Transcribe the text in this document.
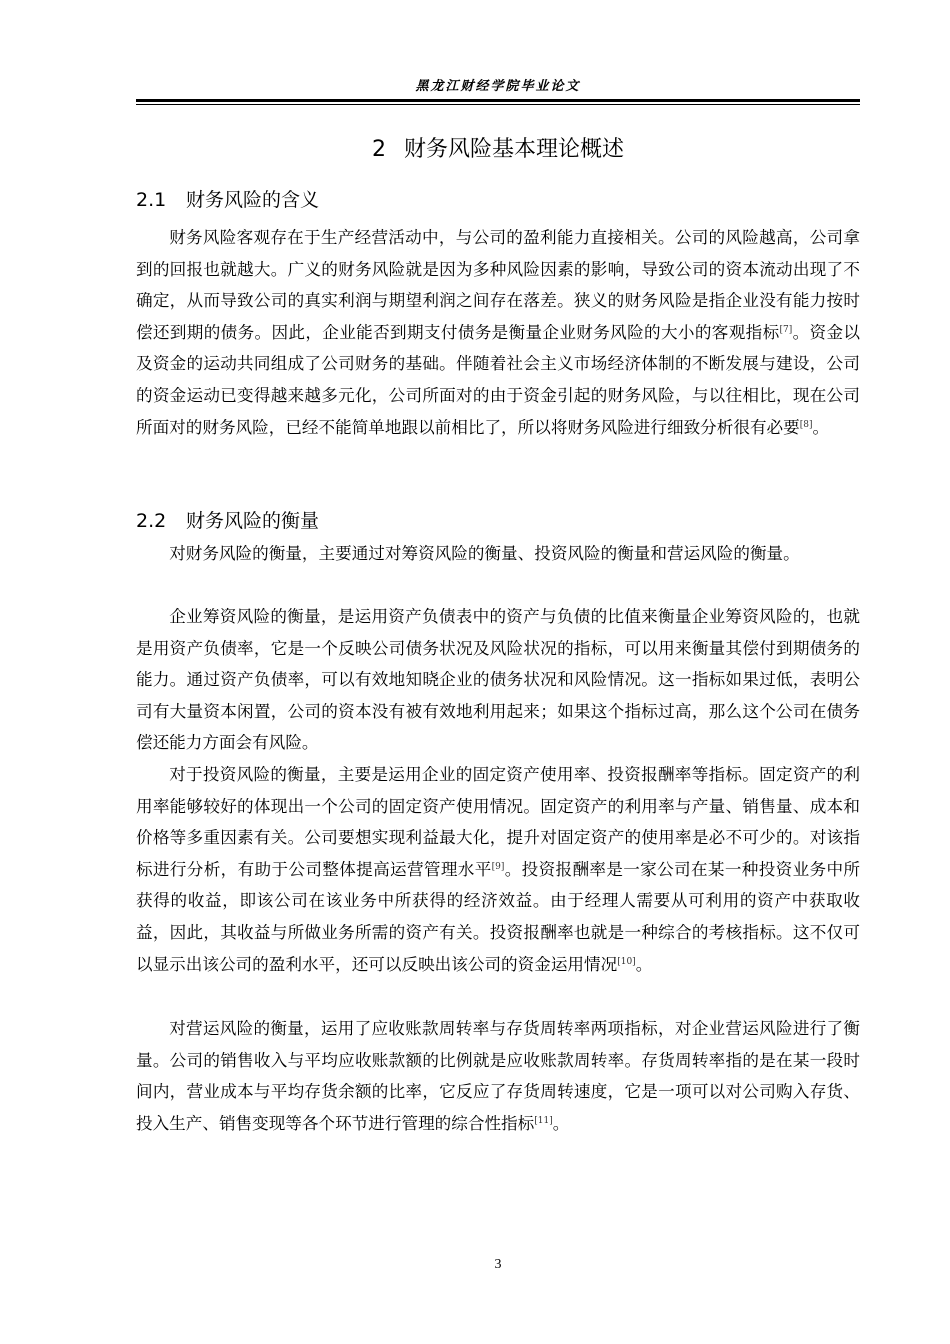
黑龙江财经学院毕业论文
2 财务风险基本理论概述
2.1 财务风险的含义

财务风险客观存在于生产经营活动中，与公司的盈利能力直接相关。公司的风险越高，公司拿到的回报也就越大。广义的财务风险就是因为多种风险因素的影响，导致公司的资本流动出现了不确定，从而导致公司的真实利润与期望利润之间存在落差。狭义的财务风险是指企业没有能力按时偿还到期的债务。因此，企业能否到期支付债务是衡量企业财务风险的大小的客观指标[7]。资金以及资金的运动共同组成了公司财务的基础。伴随着社会主义市场经济体制的不断发展与建设，公司的资金运动已变得越来越多元化，公司所面对的由于资金引起的财务风险，与以往相比，现在公司所面对的财务风险，已经不能简单地跟以前相比了，所以将财务风险进行细致分析很有必要[8]。

2.2 财务风险的衡量

对财务风险的衡量，主要通过对筹资风险的衡量、投资风险的衡量和营运风险的衡量。

企业筹资风险的衡量，是运用资产负债表中的资产与负债的比值来衡量企业筹资风险的，也就是用资产负债率，它是一个反映公司债务状况及风险状况的指标，可以用来衡量其偿付到期债务的能力。通过资产负债率，可以有效地知晓企业的债务状况和风险情况。这一指标如果过低，表明公司有大量资本闲置，公司的资本没有被有效地利用起来；如果这个指标过高，那么这个公司在债务偿还能力方面会有风险。

对于投资风险的衡量，主要是运用企业的固定资产使用率、投资报酬率等指标。固定资产的利用率能够较好的体现出一个公司的固定资产使用情况。固定资产的利用率与产量、销售量、成本和价格等多重因素有关。公司要想实现利益最大化，提升对固定资产的使用率是必不可少的。对该指标进行分析，有助于公司整体提高运营管理水平[9]。投资报酬率是一家公司在某一种投资业务中所获得的收益，即该公司在该业务中所获得的经济效益。由于经理人需要从可利用的资产中获取收益，因此，其收益与所做业务所需的资产有关。投资报酬率也就是一种综合的考核指标。这不仅可以显示出该公司的盈利水平，还可以反映出该公司的资金运用情况[10]。

对营运风险的衡量，运用了应收账款周转率与存货周转率两项指标，对企业营运风险进行了衡量。公司的销售收入与平均应收账款额的比例就是应收账款周转率。存货周转率指的是在某一段时间内，营业成本与平均存货余额的比率，它反应了存货周转速度，它是一项可以对公司购入存货、投入生产、销售变现等各个环节进行管理的综合性指标[11]。

3
